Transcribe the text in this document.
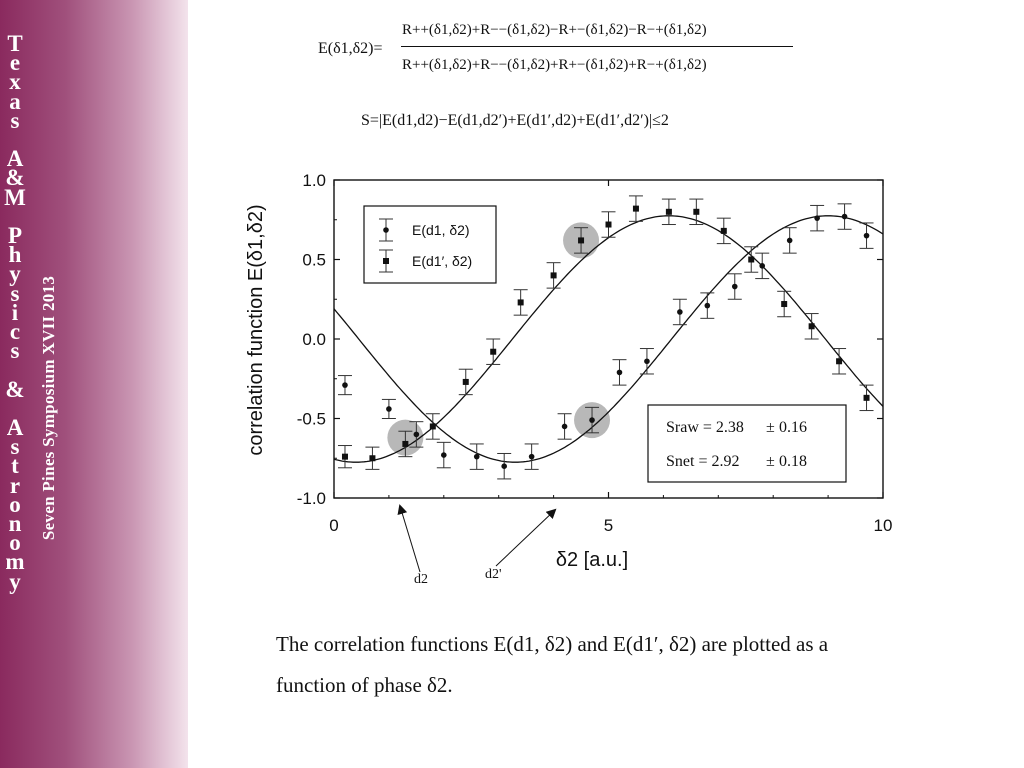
T
e
x
a
s

A
&
M

P
h
y
s
i
c
s

&

A
s
t
r
o
n
o
m
y
Seven Pines Symposium XVII 2013
E(δ1,δ2)=
R++(δ1,δ2)+R−−(δ1,δ2)−R+−(δ1,δ2)−R−+(δ1,δ2)
R++(δ1,δ2)+R−−(δ1,δ2)+R+−(δ1,δ2)+R−+(δ1,δ2)
S=|E(d1,d2)−E(d1,d2′)+E(d1′,d2)+E(d1′,d2′)|≤2
1.0
0.5
0.0
-0.5
-1.0
0	5	10
δ2 [a.u.]
correlation function E(δ1,δ2)	E(d1, δ2)
E(d1′, δ2)
Sraw = 2.38 ± 0.16
Snet = 2.92 ± 0.18
d2	d2'
The correlation functions E(d1, δ2) and E(d1′, δ2) are plotted as a
function of phase δ2.
